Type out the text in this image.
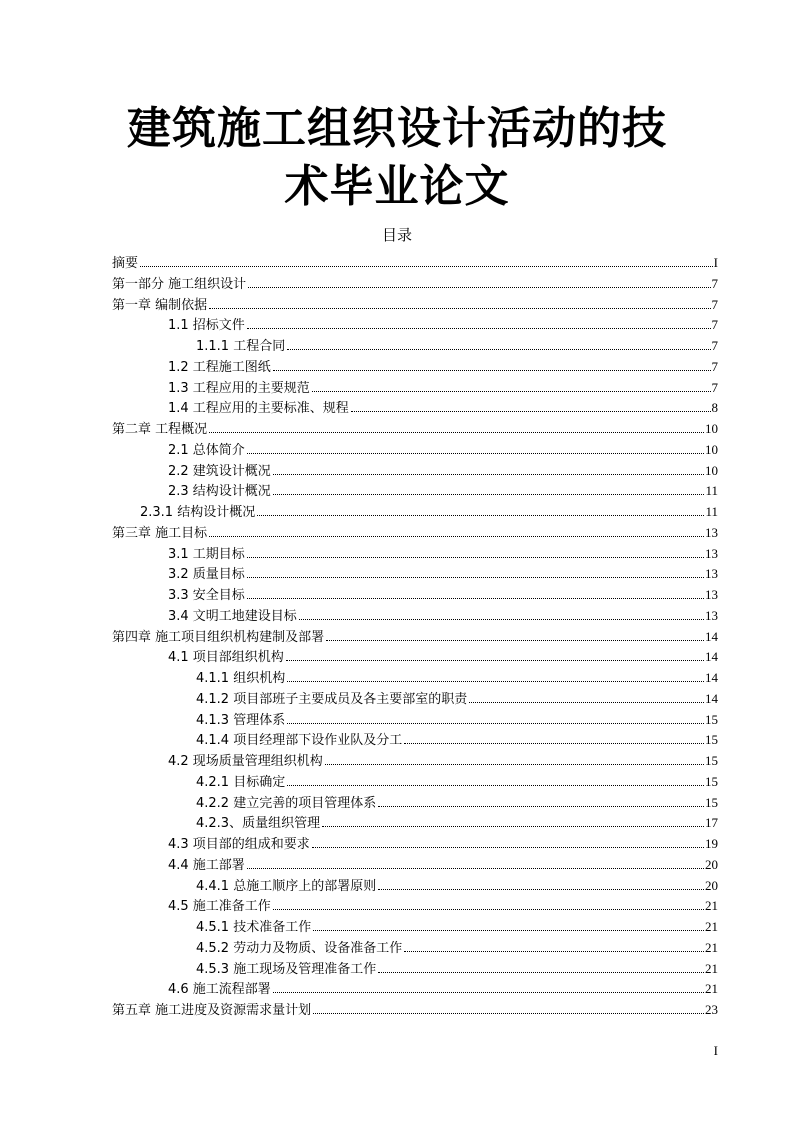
建筑施工组织设计活动的技
术毕业论文
目录
摘要	I
第一部分 施工组织设计	7
第一章 编制依据	7
1.1 招标文件	7
1.1.1 工程合同	7
1.2 工程施工图纸	7
1.3 工程应用的主要规范	7
1.4 工程应用的主要标准、规程	8
第二章 工程概况	10
2.1 总体简介	10
2.2 建筑设计概况	10
2.3 结构设计概况	11
2.3.1 结构设计概况	11
第三章 施工目标	13
3.1 工期目标	13
3.2 质量目标	13
3.3 安全目标	13
3.4 文明工地建设目标	13
第四章 施工项目组织机构建制及部署	14
4.1 项目部组织机构	14
4.1.1 组织机构	14
4.1.2 项目部班子主要成员及各主要部室的职责	14
4.1.3 管理体系	15
4.1.4 项目经理部下设作业队及分工	15
4.2 现场质量管理组织机构	15
4.2.1 目标确定	15
4.2.2 建立完善的项目管理体系	15
4.2.3、质量组织管理	17
4.3 项目部的组成和要求	19
4.4 施工部署	20
4.4.1 总施工顺序上的部署原则	20
4.5 施工准备工作	21
4.5.1 技术准备工作	21
4.5.2 劳动力及物质、设备准备工作	21
4.5.3 施工现场及管理准备工作	21
4.6 施工流程部署	21
第五章 施工进度及资源需求量计划	23
I
